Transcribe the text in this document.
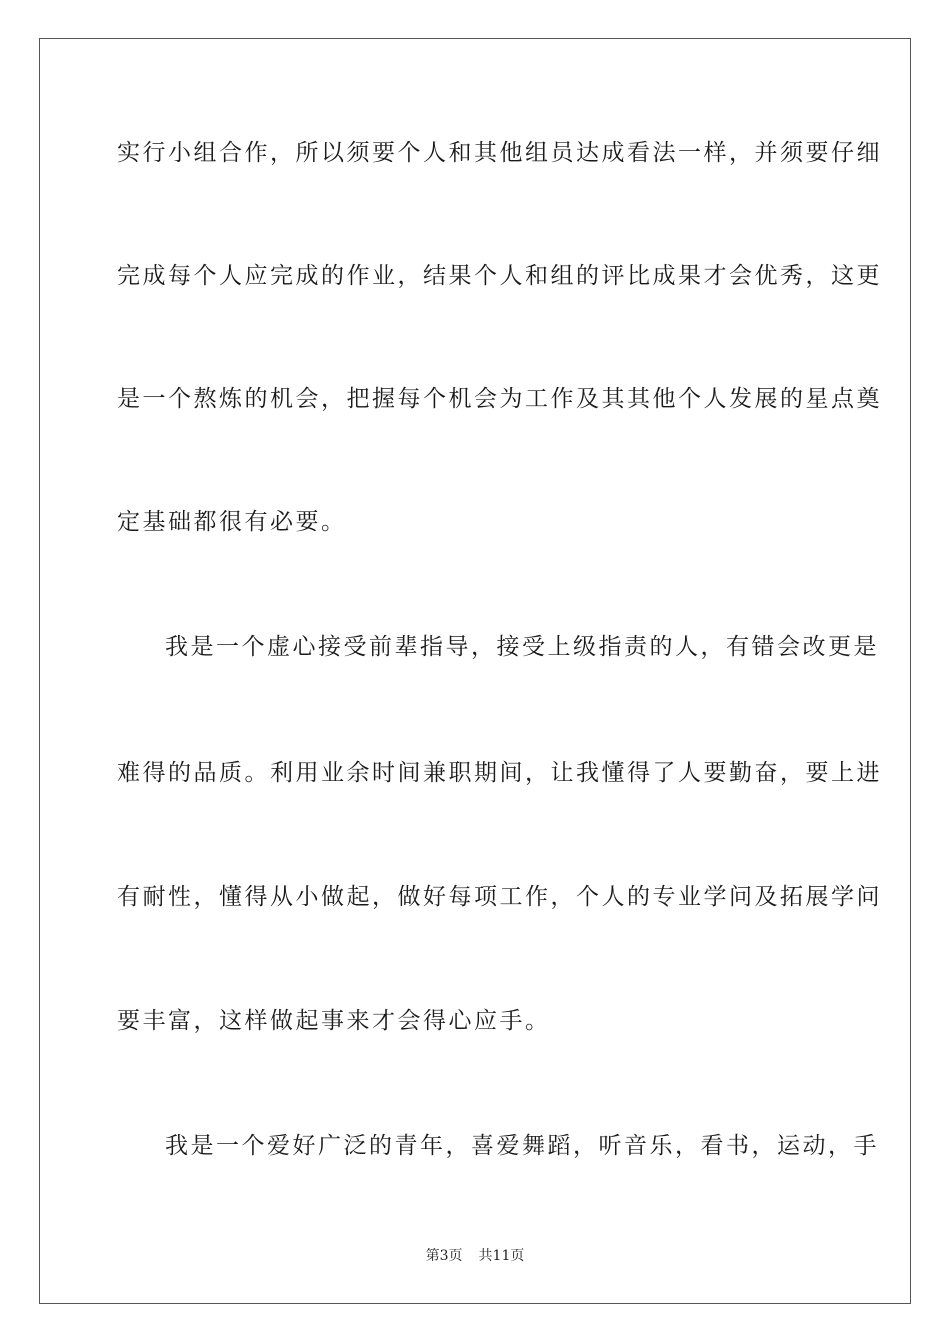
实行小组合作，所以须要个人和其他组员达成看法一样，并须要仔细
完成每个人应完成的作业，结果个人和组的评比成果才会优秀，这更
是一个熬炼的机会，把握每个机会为工作及其其他个人发展的星点奠
定基础都很有必要。
我是一个虚心接受前辈指导，接受上级指责的人，有错会改更是
难得的品质。利用业余时间兼职期间，让我懂得了人要勤奋，要上进
有耐性，懂得从小做起，做好每项工作，个人的专业学问及拓展学问
要丰富，这样做起事来才会得心应手。
我是一个爱好广泛的青年，喜爱舞蹈，听音乐，看书，运动，手
第3页 共11页
